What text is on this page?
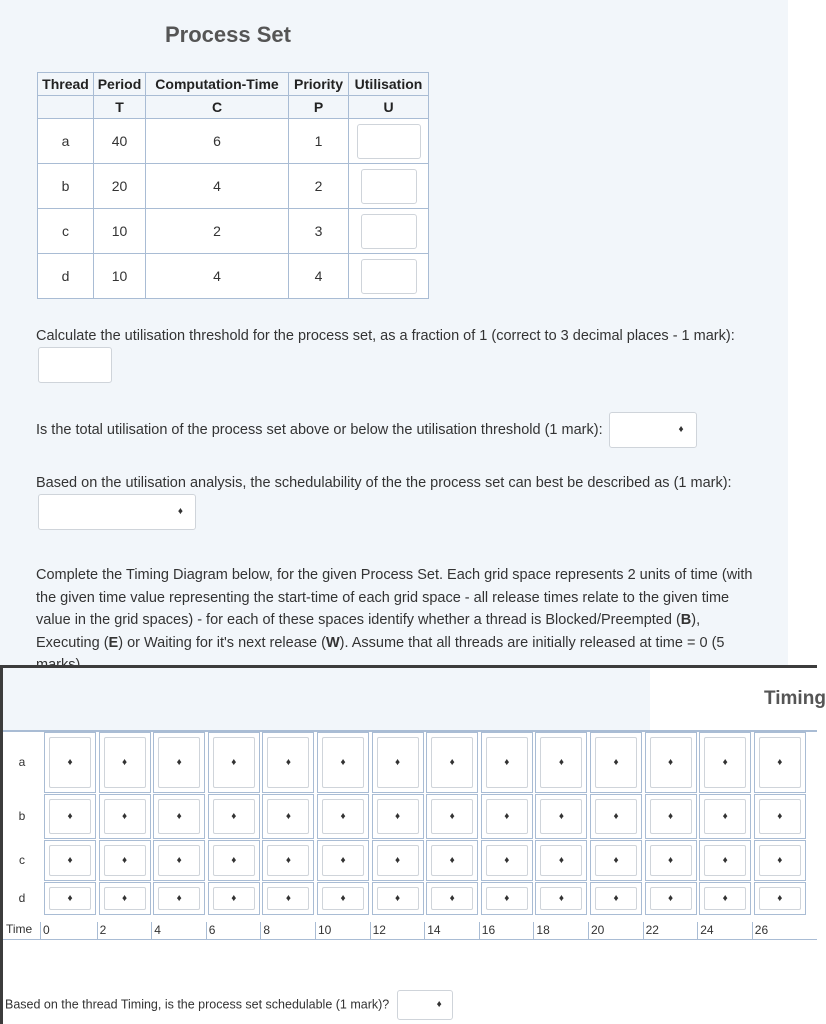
Process Set
Thread	Period	Computation-Time	Priority	Utilisation
	T	C	P	U
a	40	6	1	

b	20	4	2	

c	10	2	3	

d	10	4	4	
Calculate the utilisation threshold for the process set, as a fraction of 1 (correct to 3 decimal places - 1 mark):
Is the total utilisation of the process set above or below the utilisation threshold (1 mark):	♦
Based on the utilisation analysis, the schedulability of the the process set can best be described as (1 mark):
♦
Complete the Timing Diagram below, for the given Process Set. Each grid space represents 2 units of time (with the given time value representing the start-time of each grid space - all release times relate to the given time value in the grid spaces) - for each of these spaces identify whether a thread is Blocked/Preempted (B), Executing (E) or Waiting for it's next release (W). Assume that all threads are initially released at time = 0 (5
Timing
a	♦	♦	♦	♦	♦	♦	♦	♦	♦	♦	♦	♦	♦	♦
b	♦	♦	♦	♦	♦	♦	♦	♦	♦	♦	♦	♦	♦	♦
c	♦	♦	♦	♦	♦	♦	♦	♦	♦	♦	♦	♦	♦	♦
d	♦	♦	♦	♦	♦	♦	♦	♦	♦	♦	♦	♦	♦	♦
Time 0	2	4	6	8	10	12	14	16	18	20	22	24	26
Based on the thread Timing, is the process set schedulable (1 mark)?	♦
